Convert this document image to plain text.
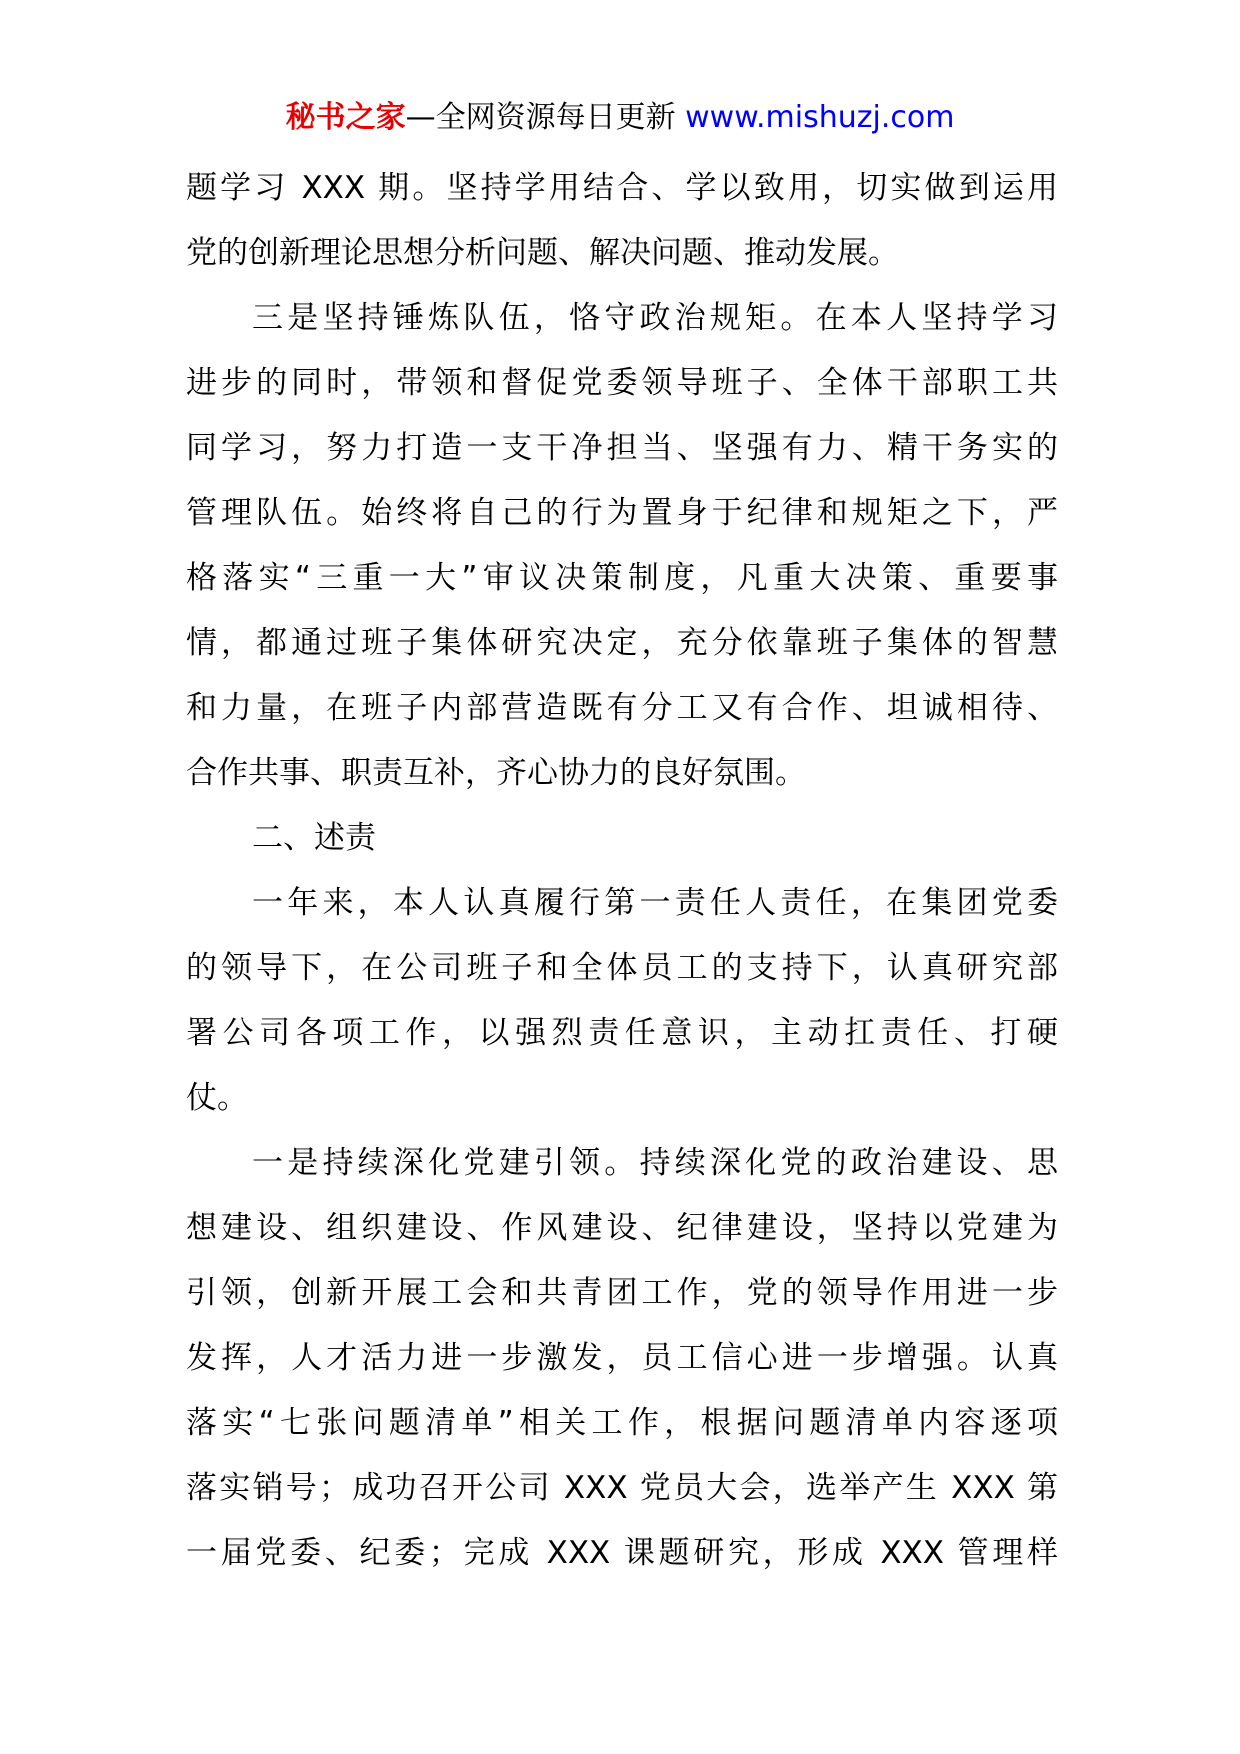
秘书之家—全网资源每日更新 www.mishuzj.com
题学习 XXX 期。坚持学用结合、学以致用，切实做到运用
党的创新理论思想分析问题、解决问题、推动发展。
三是坚持锤炼队伍，恪守政治规矩。在本人坚持学习
进步的同时，带领和督促党委领导班子、全体干部职工共
同学习，努力打造一支干净担当、坚强有力、精干务实的
管理队伍。始终将自己的行为置身于纪律和规矩之下，严
格落实“三重一大”审议决策制度，凡重大决策、重要事
情，都通过班子集体研究决定，充分依靠班子集体的智慧
和力量，在班子内部营造既有分工又有合作、坦诚相待、
合作共事、职责互补，齐心协力的良好氛围。
二、述责
一年来，本人认真履行第一责任人责任，在集团党委
的领导下，在公司班子和全体员工的支持下，认真研究部
署公司各项工作，以强烈责任意识，主动扛责任、打硬
仗。
一是持续深化党建引领。持续深化党的政治建设、思
想建设、组织建设、作风建设、纪律建设，坚持以党建为
引领，创新开展工会和共青团工作，党的领导作用进一步
发挥，人才活力进一步激发，员工信心进一步增强。认真
落实“七张问题清单”相关工作，根据问题清单内容逐项
落实销号；成功召开公司 XXX 党员大会，选举产生 XXX 第
一届党委、纪委；完成 XXX 课题研究，形成 XXX 管理样
